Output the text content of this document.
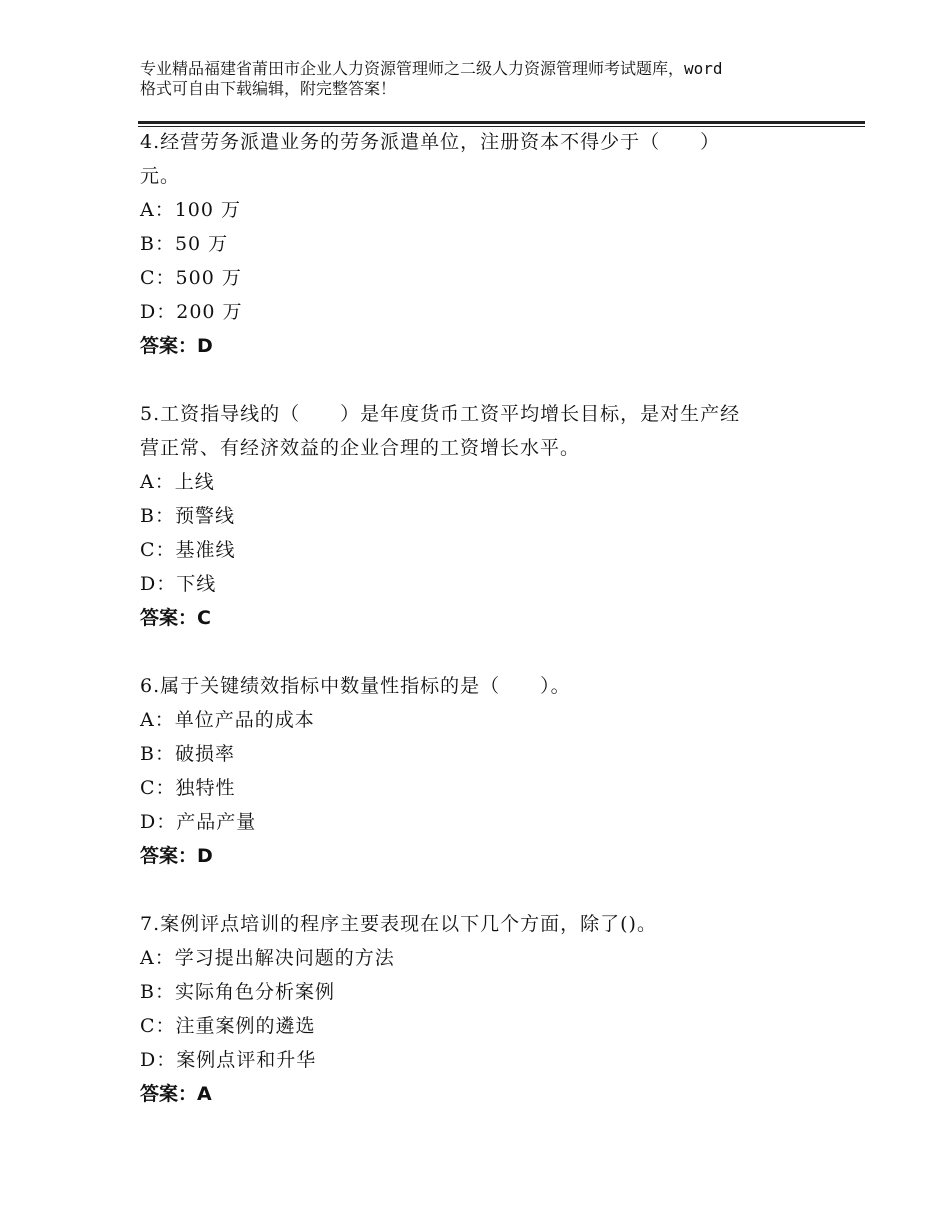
专业精品福建省莆田市企业人力资源管理师之二级人力资源管理师考试题库，word
格式可自由下载编辑，附完整答案！
4.经营劳务派遣业务的劳务派遣单位，注册资本不得少于（　　）
元。
A：100 万
B：50 万
C：500 万
D：200 万
答案：D
5.工资指导线的（　　）是年度货币工资平均增长目标，是对生产经
营正常、有经济效益的企业合理的工资增长水平。
A：上线
B：预警线
C：基准线
D：下线
答案：C
6.属于关键绩效指标中数量性指标的是（　　）。
A：单位产品的成本
B：破损率
C：独特性
D：产品产量
答案：D
7.案例评点培训的程序主要表现在以下几个方面，除了()。
A：学习提出解决问题的方法
B：实际角色分析案例
C：注重案例的遴选
D：案例点评和升华
答案：A
